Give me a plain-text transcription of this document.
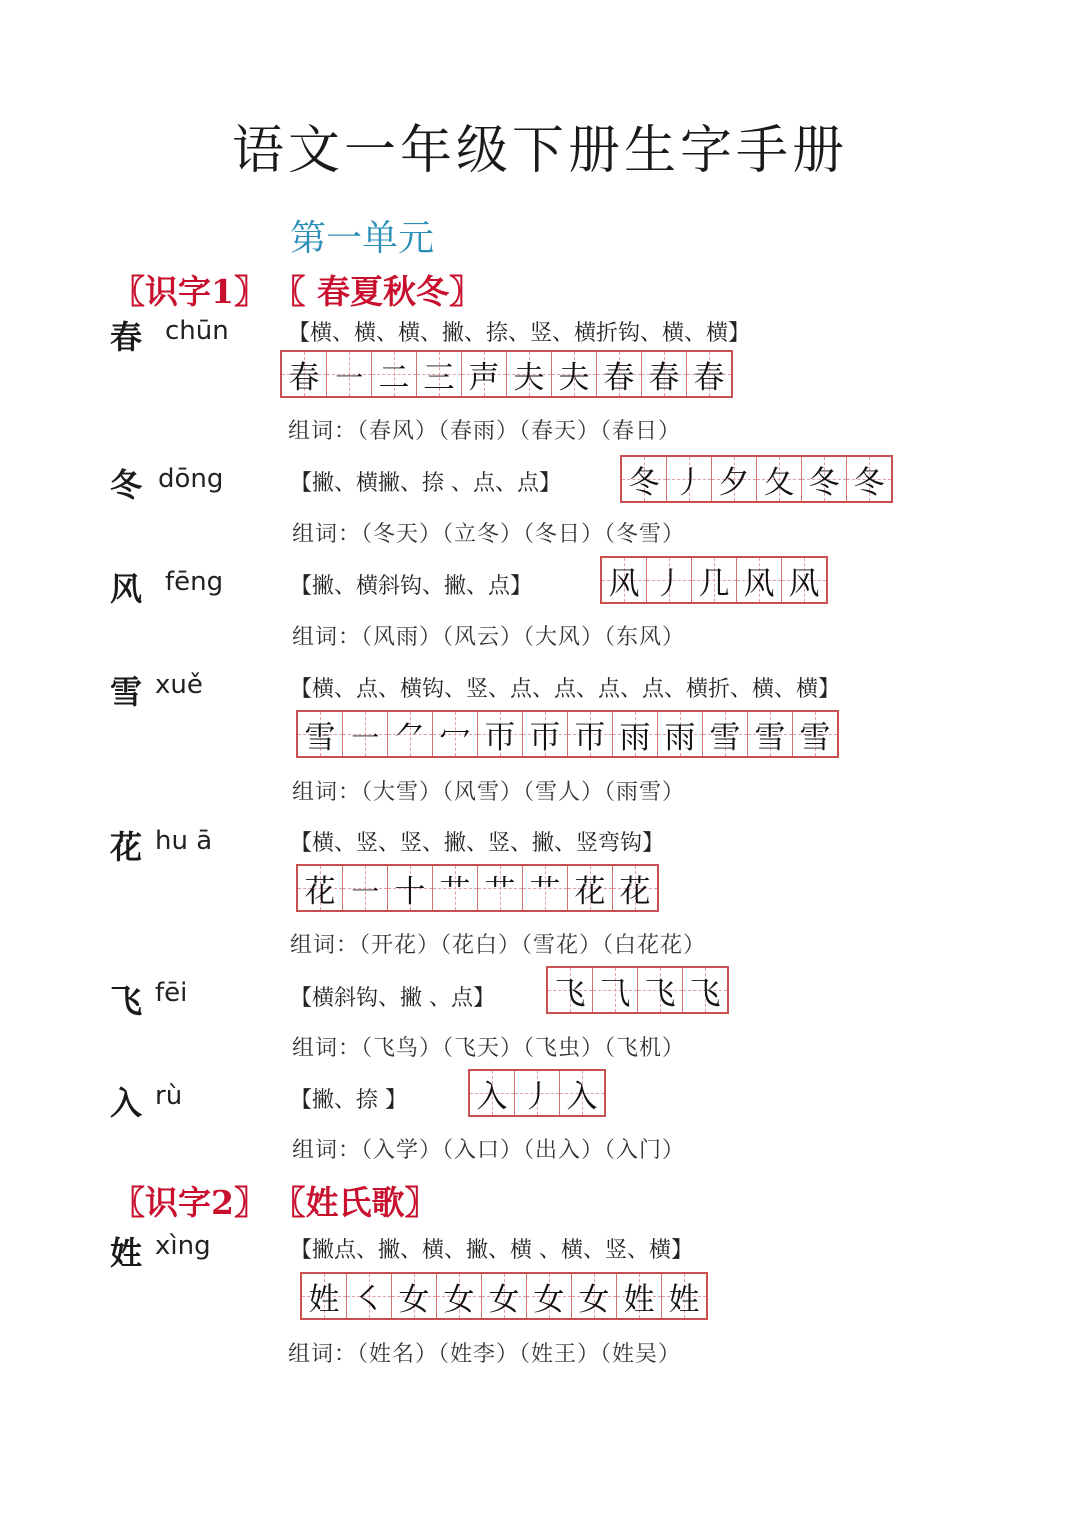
语文一年级下册生字手册
第一单元
〖识字1〗 〖 春夏秋冬〗
春 chūn	【横、横、横、撇、捺、竖、横折钩、横、横】
春 ㇐ 二 三 声 夫 夫 春 春 春
组词：（春风）（春雨）（春天）（春日）
冬 dōng	【撇、横撇、捺 、点、点】 冬 丿 夕 夂 冬 冬
组词：（冬天）（立冬）（冬日）（冬雪）
风 fēng	【撇、横斜钩、撇、点】 风 丿 几 风 风
组词：（风雨）（风云）（大风）（东风）
雪 xuě	【横、点、横钩、竖、点、点、点、点、横折、横、横】
雪 ㇐ ⺈ 冖 帀 帀 帀 雨 雨 雪 雪 雪
组词：（大雪）（风雪）（雪人）（雨雪）
花 hu ā	【横、竖、竖、撇、竖、撇、竖弯钩】
花 ㇐ 十 艹 艹 艹 花 花
组词：（开花）（花白）（雪花）（白花花）
飞 fēi	【横斜钩、撇 、点】 飞 ⺄ 飞 飞
组词：（飞鸟）（飞天）（飞虫）（飞机）
入 rù	【撇、捺 】 入 丿 入
组词：（入学）（入口）（出入）（入门）
〖识字2〗 〖姓氏歌〗
姓 xìng	【撇点、撇、横、撇、横 、横、竖、横】
姓 ㇛ 女 女 女 女 女 姓 姓
组词：（姓名）（姓李）（姓王）（姓吴）
